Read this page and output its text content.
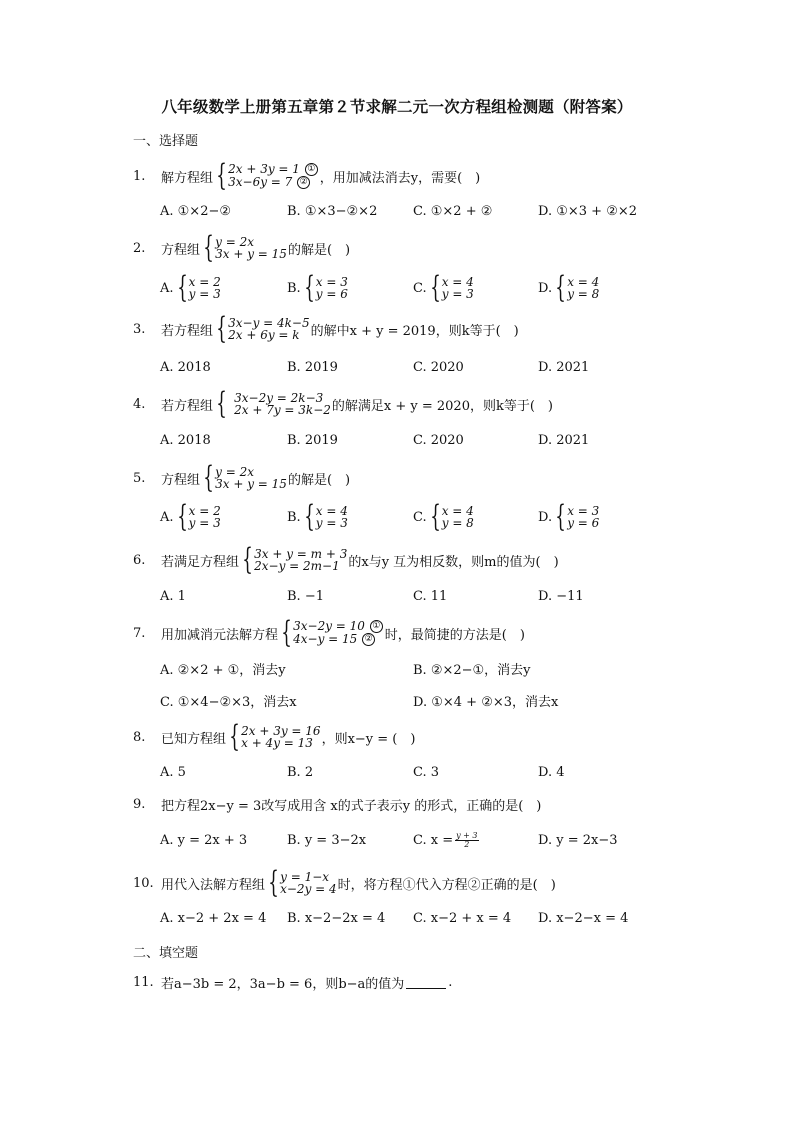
八年级数学上册第五章第２节求解二元一次方程组检测题（附答案）
一、选择题
1.	解方程组 { 2x + 3y = 1 ①
3x−6y = 7 ② ，用加减法消去y，需要(　)
A. ①×2−②	B. ①×3−②×2	C. ①×2 + ②	D. ①×3 + ②×2
2.	方程组 { y = 2x
3x + y = 15 的解是(　)
A. { x = 2
y = 3	B. { x = 3
y = 6	C. { x = 4
y = 3	D. { x = 4
y = 8
3.	若方程组 { 3x−y = 4k−5
2x + 6y = k 的解中x + y = 2019，则k等于(　)
A. 2018	B. 2019	C. 2020	D. 2021
4.	若方程组 { 3x−2y = 2k−3
2x + 7y = 3k−2 的解满足x + y = 2020，则k等于(　)
A. 2018	B. 2019	C. 2020	D. 2021
5.	方程组 { y = 2x
3x + y = 15 的解是(　)
A. { x = 2
y = 3	B. { x = 4
y = 3	C. { x = 4
y = 8	D. { x = 3
y = 6
6.	若满足方程组 { 3x + y = m + 3
2x−y = 2m−1 的x与y 互为相反数，则m的值为(　)
A. 1	B. −1	C. 11	D. −11
7.	用加减消元法解方程 { 3x−2y = 10 ①
4x−y = 15 ② 时，最简捷的方法是(　)
A. ②×2 + ①，消去y	B. ②×2−①，消去y
C. ①×4−②×3，消去x	D. ①×4 + ②×3，消去x
8.	已知方程组 { 2x + 3y = 16
x + 4y = 13 ，则x−y = (　)
A. 5	B. 2	C. 3	D. 4
9.	把方程2x−y = 3改写成用含 x的式子表示y 的形式，正确的是(　)
A. y = 2x + 3	B. y = 3−2x	C. $x = \frac{y + 3}{2}$	D. y = 2x−3
10. 用代入法解方程组 { y = 1−x
x−2y = 4 时，将方程①代入方程②正确的是(　)
A. x−2 + 2x = 4 B. x−2−2x = 4 C. x−2 + x = 4 D. x−2−x = 4
二、填空题
11. 若a−3b = 2，3a−b = 6，则b−a的值为	.
